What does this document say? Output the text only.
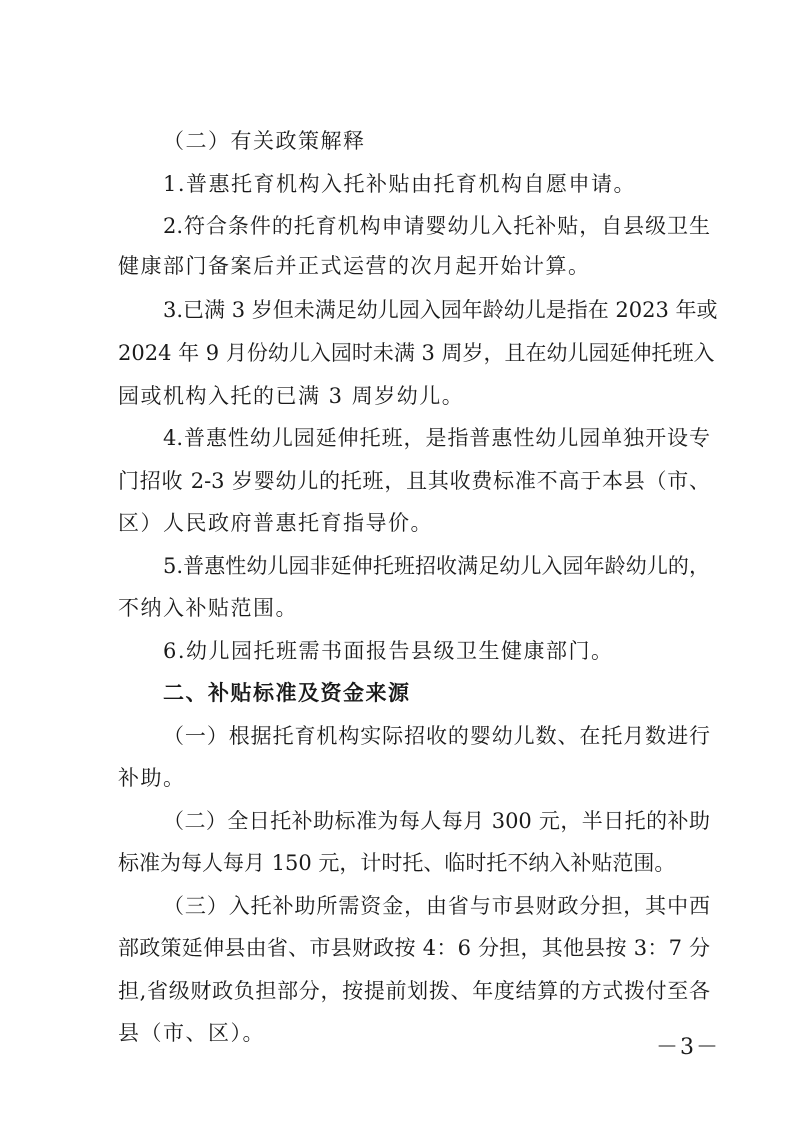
（二）有关政策解释
1.普惠托育机构入托补贴由托育机构自愿申请。
2.符合条件的托育机构申请婴幼儿入托补贴，自县级卫生
健康部门备案后并正式运营的次月起开始计算。
3.已满 3 岁但未满足幼儿园入园年龄幼儿是指在 2023 年或
2024 年 9 月份幼儿入园时未满 3 周岁，且在幼儿园延伸托班入
园或机构入托的已满 3 周岁幼儿。
4.普惠性幼儿园延伸托班，是指普惠性幼儿园单独开设专
门招收 2-3 岁婴幼儿的托班，且其收费标准不高于本县（市、
区）人民政府普惠托育指导价。
5.普惠性幼儿园非延伸托班招收满足幼儿入园年龄幼儿的，
不纳入补贴范围。
6.幼儿园托班需书面报告县级卫生健康部门。
二、补贴标准及资金来源
（一）根据托育机构实际招收的婴幼儿数、在托月数进行
补助。
（二）全日托补助标准为每人每月 300 元，半日托的补助
标准为每人每月 150 元，计时托、临时托不纳入补贴范围。
（三）入托补助所需资金，由省与市县财政分担，其中西
部政策延伸县由省、市县财政按 4：6 分担，其他县按 3：7 分
担,省级财政负担部分，按提前划拨、年度结算的方式拨付至各
县（市、区）。
－3－
